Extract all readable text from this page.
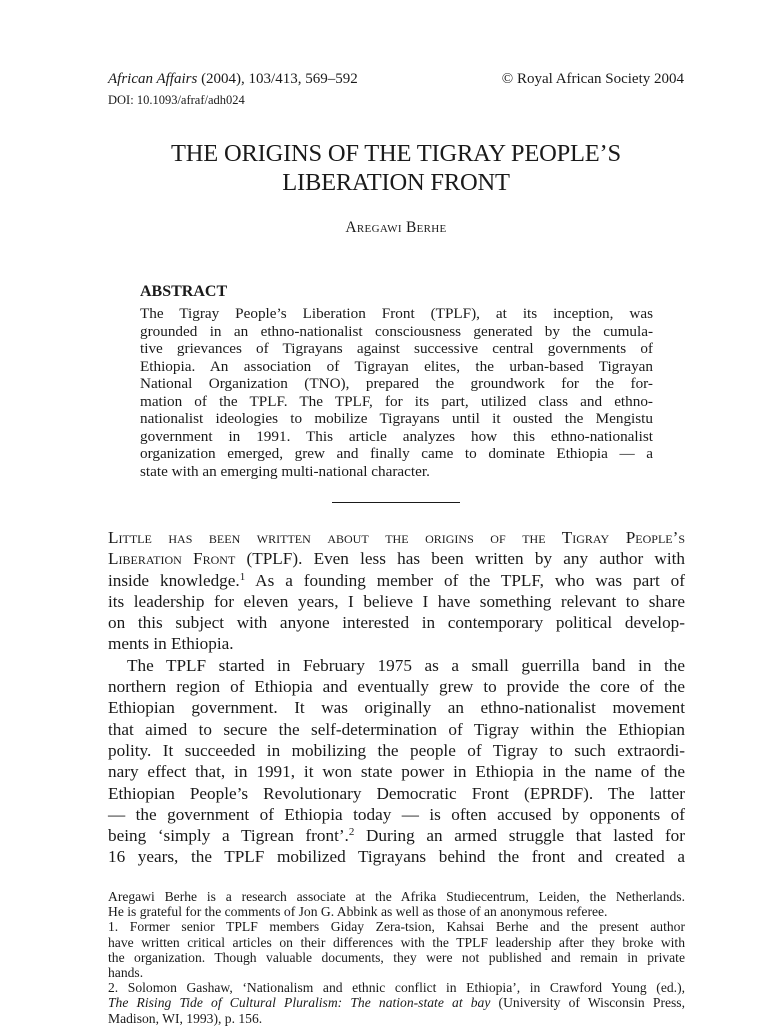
African Affairs (2004), 103/413, 569–592
DOI: 10.1093/afraf/adh024
© Royal African Society 2004
THE ORIGINS OF THE TIGRAY PEOPLE’S
LIBERATION FRONT
Aregawi Berhe
ABSTRACT
The Tigray People’s Liberation Front (TPLF), at its inception, was
grounded in an ethno-nationalist consciousness generated by the cumula-
tive grievances of Tigrayans against successive central governments of
Ethiopia. An association of Tigrayan elites, the urban-based Tigrayan
National Organization (TNO), prepared the groundwork for the for-
mation of the TPLF. The TPLF, for its part, utilized class and ethno-
nationalist ideologies to mobilize Tigrayans until it ousted the Mengistu
government in 1991. This article analyzes how this ethno-nationalist
organization emerged, grew and finally came to dominate Ethiopia — a
state with an emerging multi-national character.
Little has been written about the origins of the Tigray People’s
Liberation Front (TPLF). Even less has been written by any author with
inside knowledge.$^1$ As a founding member of the TPLF, who was part of
its leadership for eleven years, I believe I have something relevant to share
on this subject with anyone interested in contemporary political develop-
ments in Ethiopia.
The TPLF started in February 1975 as a small guerrilla band in the
northern region of Ethiopia and eventually grew to provide the core of the
Ethiopian government. It was originally an ethno-nationalist movement
that aimed to secure the self-determination of Tigray within the Ethiopian
polity. It succeeded in mobilizing the people of Tigray to such extraordi-
nary effect that, in 1991, it won state power in Ethiopia in the name of the
Ethiopian People’s Revolutionary Democratic Front (EPRDF). The latter
— the government of Ethiopia today — is often accused by opponents of
being ‘simply a Tigrean front’.$^2$ During an armed struggle that lasted for
16 years, the TPLF mobilized Tigrayans behind the front and created a
Aregawi Berhe is a research associate at the Afrika Studiecentrum, Leiden, the Netherlands.
He is grateful for the comments of Jon G. Abbink as well as those of an anonymous referee.
1. Former senior TPLF members Giday Zera-tsion, Kahsai Berhe and the present author
have written critical articles on their differences with the TPLF leadership after they broke with
the organization. Though valuable documents, they were not published and remain in private
hands.
2. Solomon Gashaw, ‘Nationalism and ethnic conflict in Ethiopia’, in Crawford Young (ed.),
The Rising Tide of Cultural Pluralism: The nation-state at bay (University of Wisconsin Press,
Madison, WI, 1993), p. 156.
